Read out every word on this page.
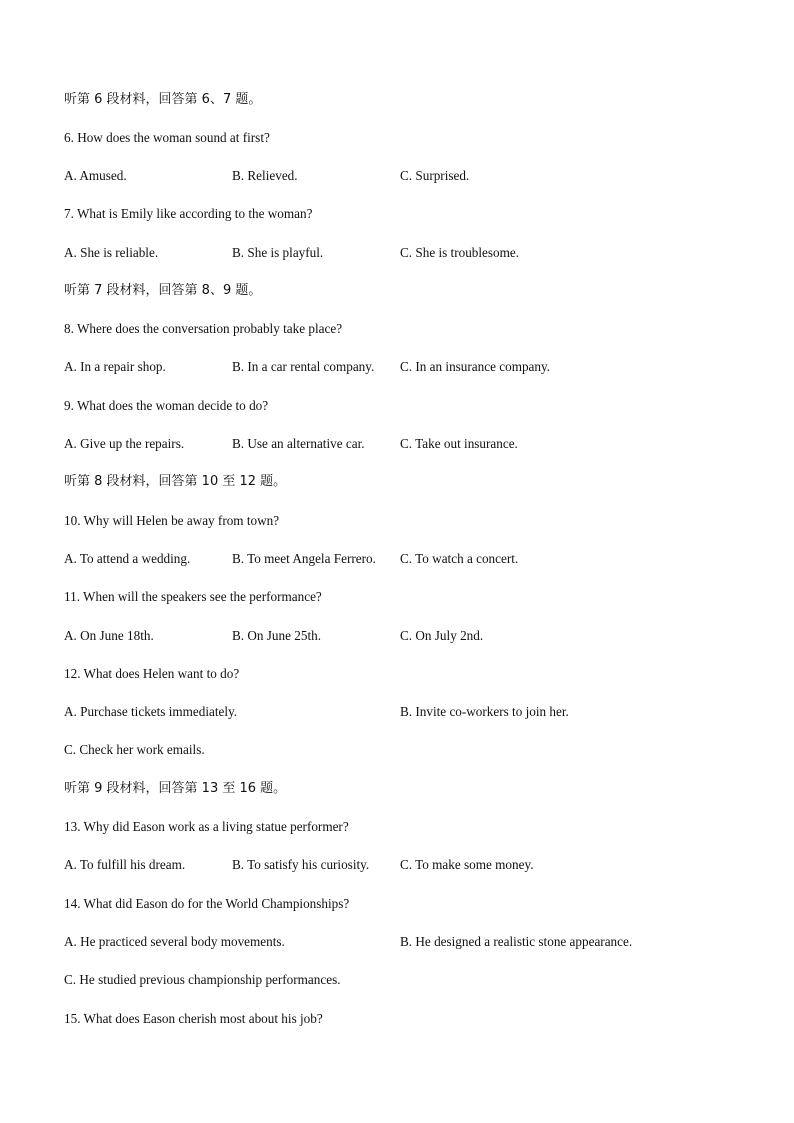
听第 6 段材料，回答第 6、7 题。
6. How does the woman sound at first?
A. Amused.	B. Relieved.	C. Surprised.
7. What is Emily like according to the woman?
A. She is reliable.	B. She is playful.	C. She is troublesome.
听第 7 段材料，回答第 8、9 题。
8. Where does the conversation probably take place?
A. In a repair shop.	B. In a car rental company. C. In an insurance company.
9. What does the woman decide to do?
A. Give up the repairs.	B. Use an alternative car.	C. Take out insurance.
听第 8 段材料，回答第 10 至 12 题。
10. Why will Helen be away from town?
A. To attend a wedding.	B. To meet Angela Ferrero. C. To watch a concert.
11. When will the speakers see the performance?
A. On June 18th.	B. On June 25th.	C. On July 2nd.
12. What does Helen want to do?
A. Purchase tickets immediately.	B. Invite co-workers to join her.
C. Check her work emails.
听第 9 段材料，回答第 13 至 16 题。
13. Why did Eason work as a living statue performer?
A. To fulfill his dream.	B. To satisfy his curiosity. C. To make some money.
14. What did Eason do for the World Championships?
A. He practiced several body movements.	B. He designed a realistic stone appearance.
C. He studied previous championship performances.
15. What does Eason cherish most about his job?
